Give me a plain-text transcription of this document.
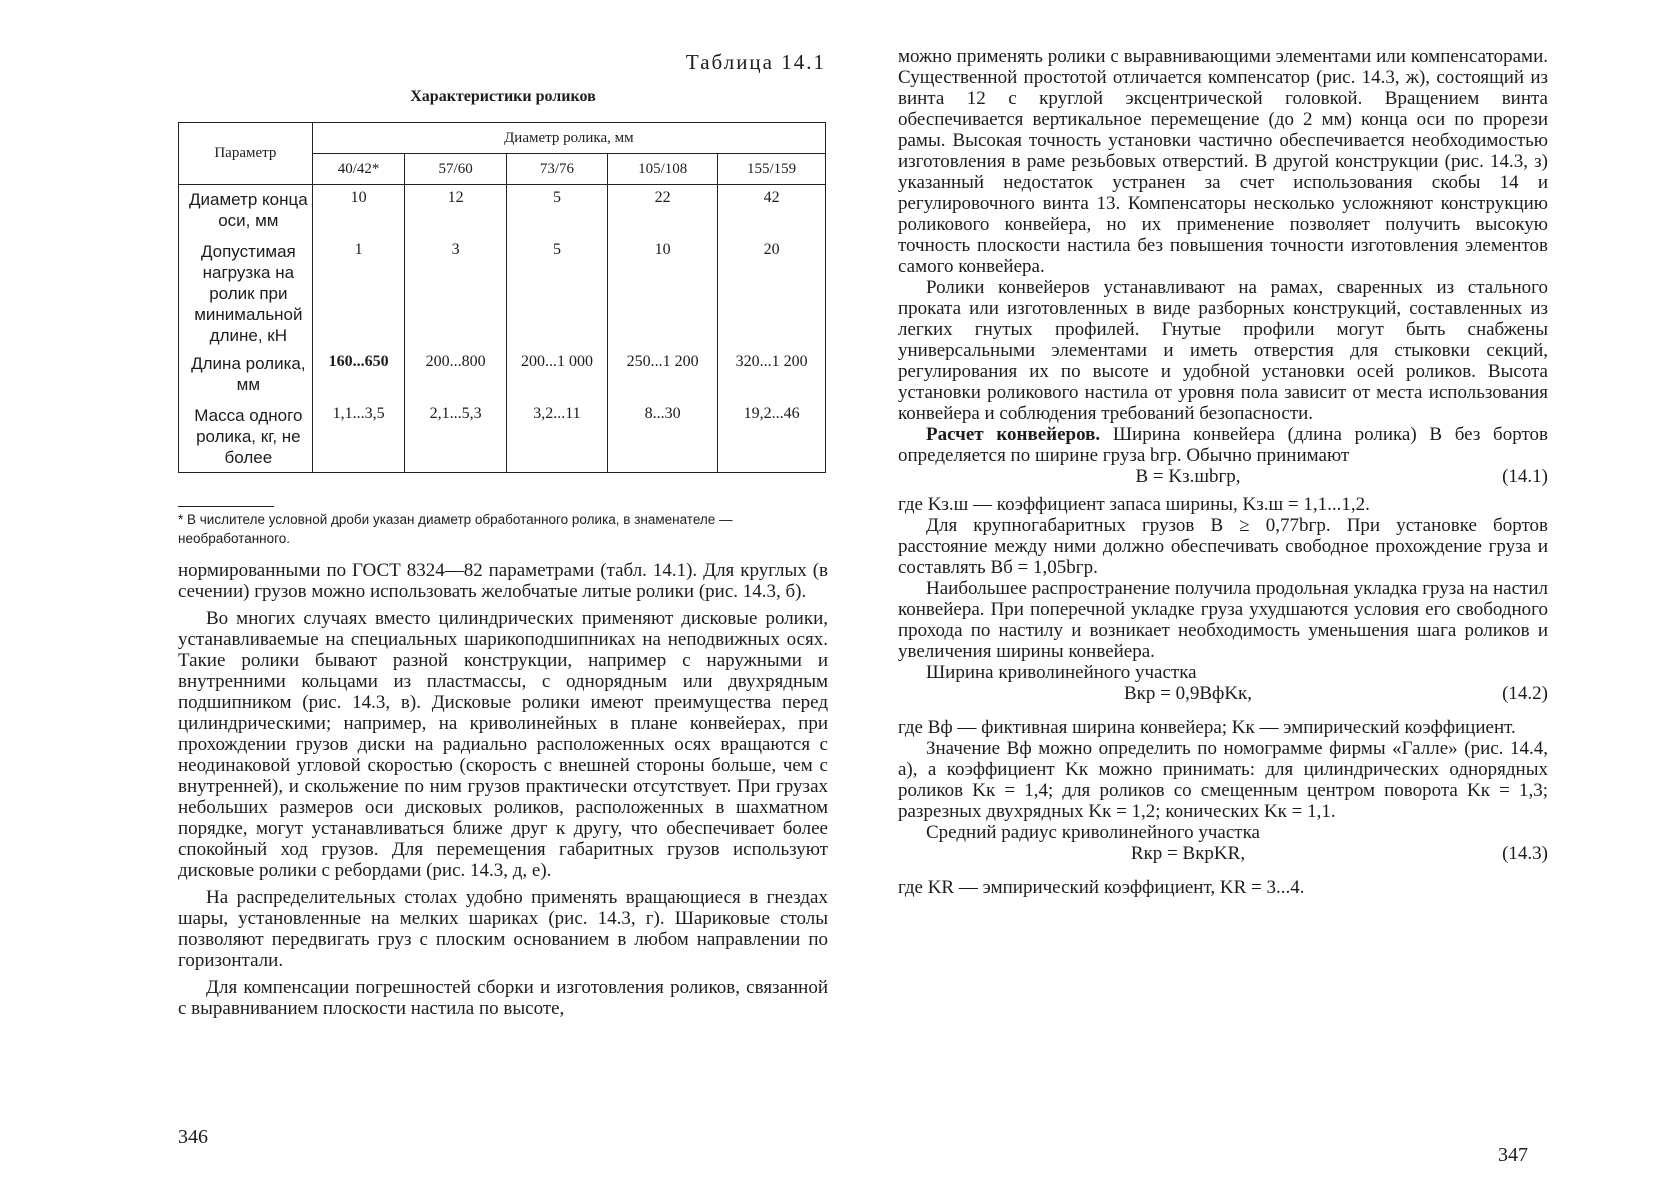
Таблица 14.1
Характеристики роликов
Параметр	Диаметр ролика, мм				
	40/42*	57/60	73/76	105/108	155/159
Диаметр конца оси, мм	10	12	5	22	42
Допустимая нагрузка на ролик при минимальной длине, кН	1	3	5	10	20
Длина ролика, мм	160...650	200...800	200...1 000	250...1 200	320...1 200
Масса одного ролика, кг, не более	1,1...3,5	2,1...5,3	3,2...11	8...30	19,2...46
* В числителе условной дроби указан диаметр обработанного ролика, в знаменателе — необработанного.

нормированными по ГОСТ 8324—82 параметрами (табл. 14.1). Для круглых (в сечении) грузов можно использовать желобчатые литые ролики (рис. 14.3, б).

Во многих случаях вместо цилиндрических применяют дисковые ролики, устанавливаемые на специальных шарикоподшипниках на неподвижных осях. Такие ролики бывают разной конструкции, например с наружными и внутренними кольцами из пластмассы, с однорядным или двухрядным подшипником (рис. 14.3, в). Дисковые ролики имеют преимущества перед цилиндрическими; например, на криволинейных в плане конвейерах, при прохождении грузов диски на радиально расположенных осях вращаются с неодинаковой угловой скоростью (скорость с внешней стороны больше, чем с внутренней), и скольжение по ним грузов практически отсутствует. При грузах небольших размеров оси дисковых роликов, расположенных в шахматном порядке, могут устанавливаться ближе друг к другу, что обеспечивает более спокойный ход грузов. Для перемещения габаритных грузов используют дисковые ролики с ребордами (рис. 14.3, д, е).

На распределительных столах удобно применять вращающиеся в гнездах шары, установленные на мелких шариках (рис. 14.3, г). Шариковые столы позволяют передвигать груз с плоским основанием в любом направлении по горизонтали.

Для компенсации погрешностей сборки и изготовления роликов, связанной с выравниванием плоскости настила по высоте,

346

можно применять ролики с выравнивающими элементами или компенсаторами. Существенной простотой отличается компенсатор (рис. 14.3, ж), состоящий из винта 12 с круглой эксцентрической головкой. Вращением винта обеспечивается вертикальное перемещение (до 2 мм) конца оси по прорези рамы. Высокая точность установки частично обеспечивается необходимостью изготовления в раме резьбовых отверстий. В другой конструкции (рис. 14.3, з) указанный недостаток устранен за счет использования скобы 14 и регулировочного винта 13. Компенсаторы несколько усложняют конструкцию роликового конвейера, но их применение позволяет получить высокую точность плоскости настила без повышения точности изготовления элементов самого конвейера.

Ролики конвейеров устанавливают на рамах, сваренных из стального проката или изготовленных в виде разборных конструкций, составленных из легких гнутых профилей. Гнутые профили могут быть снабжены универсальными элементами и иметь отверстия для стыковки секций, регулирования их по высоте и удобной установки осей роликов. Высота установки роликового настила от уровня пола зависит от места использования конвейера и соблюдения требований безопасности.

Расчет конвейеров. Ширина конвейера (длина ролика) B без бортов определяется по ширине груза bгр. Обычно принимают

B = Kз.шbгр,	(14.1)

где Kз.ш — коэффициент запаса ширины, Kз.ш = 1,1...1,2.

Для крупногабаритных грузов B ≥ 0,77bгр. При установке бортов расстояние между ними должно обеспечивать свободное прохождение груза и составлять Bб = 1,05bгр.

Наибольшее распространение получила продольная укладка груза на настил конвейера. При поперечной укладке груза ухудшаются условия его свободного прохода по настилу и возникает необходимость уменьшения шага роликов и увеличения ширины конвейера.

Ширина криволинейного участка

Bкр = 0,9BфKк,	(14.2)

где Bф — фиктивная ширина конвейера; Kк — эмпирический коэффициент.

Значение Bф можно определить по номограмме фирмы «Галле» (рис. 14.4, а), а коэффициент Kк можно принимать: для цилиндрических однорядных роликов Kк = 1,4; для роликов со смещенным центром поворота Kк = 1,3; разрезных двухрядных Kк = 1,2; конических Kк = 1,1.

Средний радиус криволинейного участка

Rкр = BкрKR,	(14.3)

где KR — эмпирический коэффициент, KR = 3...4.

347
